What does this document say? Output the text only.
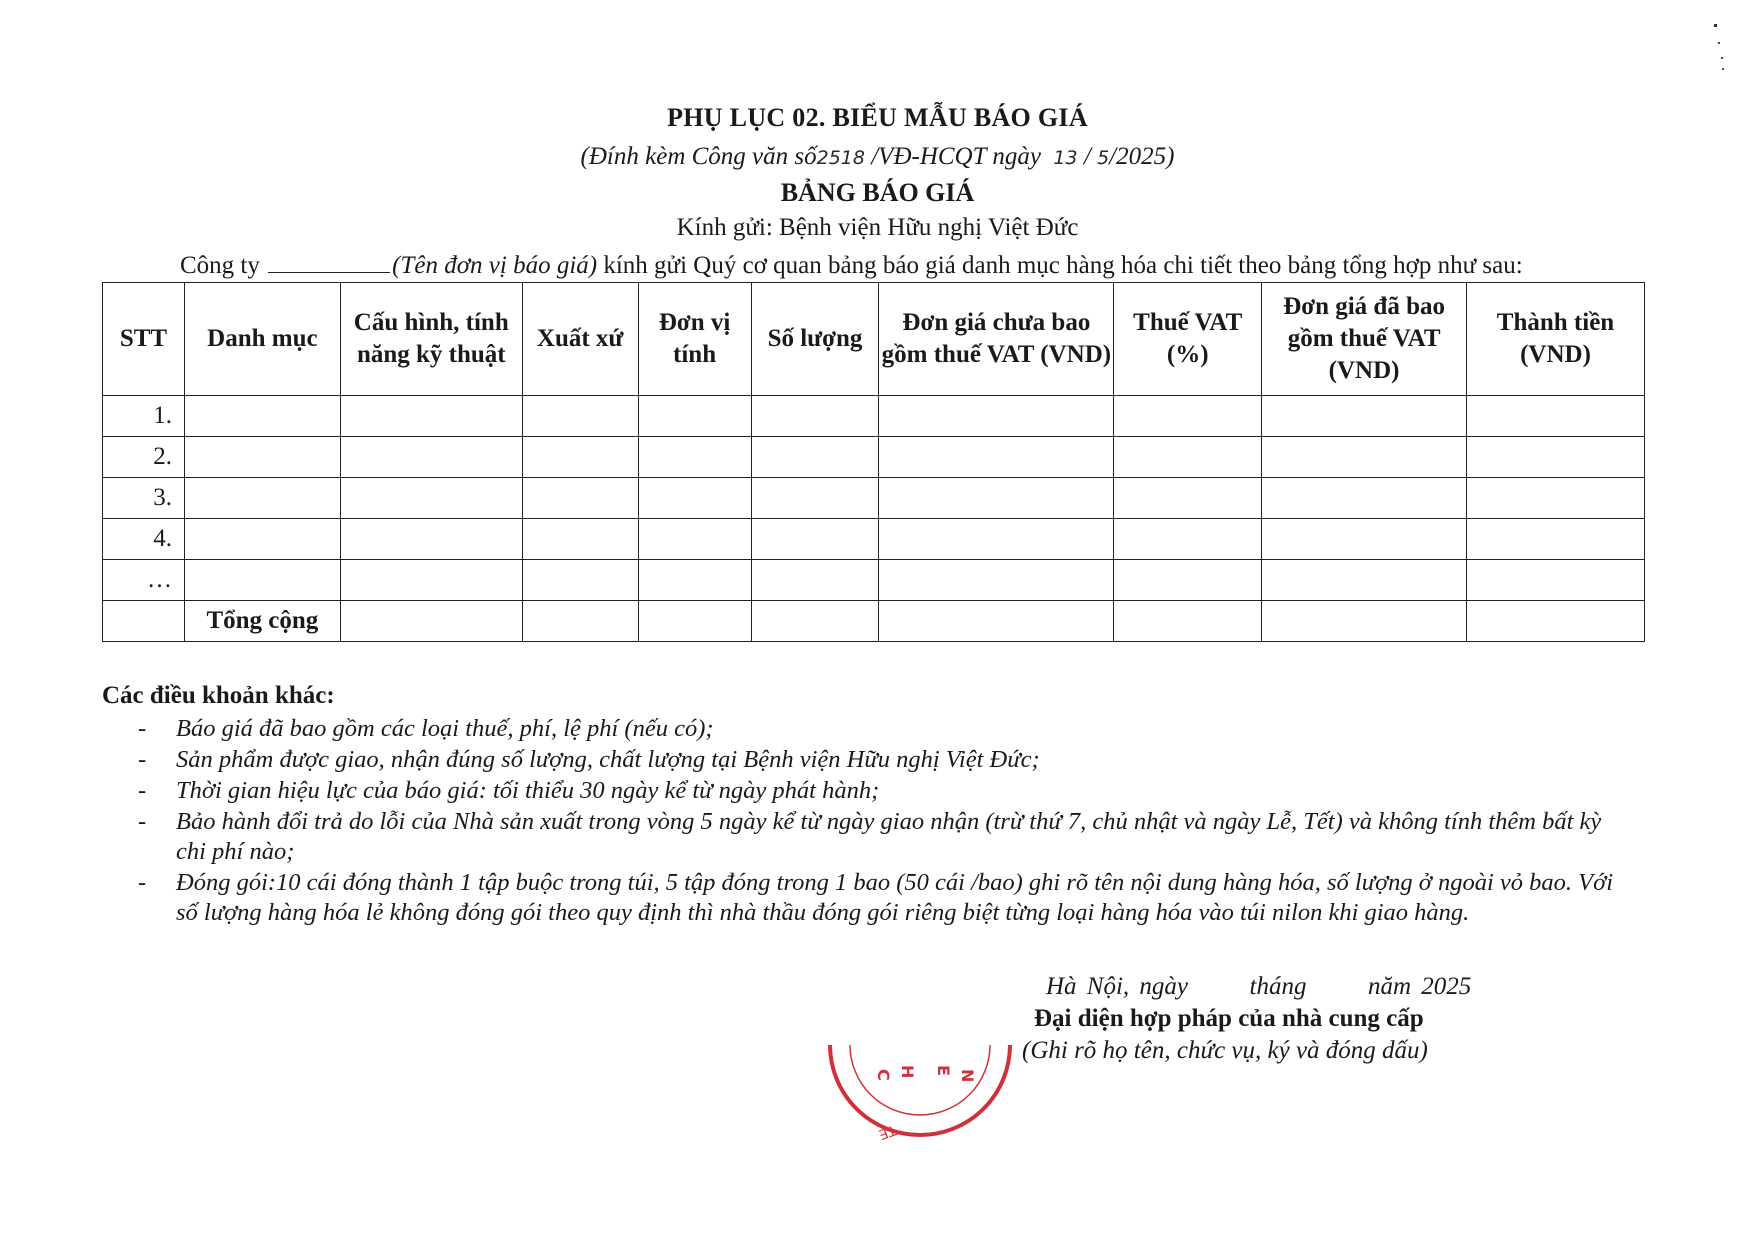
PHỤ LỤC 02. BIỂU MẪU BÁO GIÁ
(Đính kèm Công văn số2518 /VĐ-HCQT ngày 13 / 5/2025)
BẢNG BÁO GIÁ
Kính gửi: Bệnh viện Hữu nghị Việt Đức
Công ty	(Tên đơn vị báo giá) kính gửi Quý cơ quan bảng báo giá danh mục hàng hóa chi tiết theo bảng tổng hợp như sau:
STT	Danh mục	Cấu hình, tính năng kỹ thuật	Xuất xứ	Đơn vị tính	Số lượng	Đơn giá chưa bao gồm thuế VAT (VND)	Thuế VAT (%)	Đơn giá đã bao gồm thuế VAT (VND)	Thành tiền (VND)
1.									
2.									
3.									
4.									
…									
	Tổng cộng								
Các điều khoản khác:
- Báo giá đã bao gồm các loại thuế, phí, lệ phí (nếu có);
- Sản phẩm được giao, nhận đúng số lượng, chất lượng tại Bệnh viện Hữu nghị Việt Đức;
- Thời gian hiệu lực của báo giá: tối thiểu 30 ngày kể từ ngày phát hành;
- Bảo hành đổi trả do lỗi của Nhà sản xuất trong vòng 5 ngày kể từ ngày giao nhận (trừ thứ 7, chủ nhật và ngày Lễ, Tết) và không tính thêm bất kỳ chi phí nào;
- Đóng gói:10 cái đóng thành 1 tập buộc trong túi, 5 tập đóng trong 1 bao (50 cái /bao) ghi rõ tên nội dung hàng hóa, số lượng ở ngoài vỏ bao. Với số lượng hàng hóa lẻ không đóng gói theo quy định thì nhà thầu đóng gói riêng biệt từng loại hàng hóa vào túi nilon khi giao hàng.
Hà Nội, ngày      tháng      năm 2025
Đại diện hợp pháp của nhà cung cấp
(Ghi rõ họ tên, chức vụ, ký và đóng dấu)
C H E N
TE
